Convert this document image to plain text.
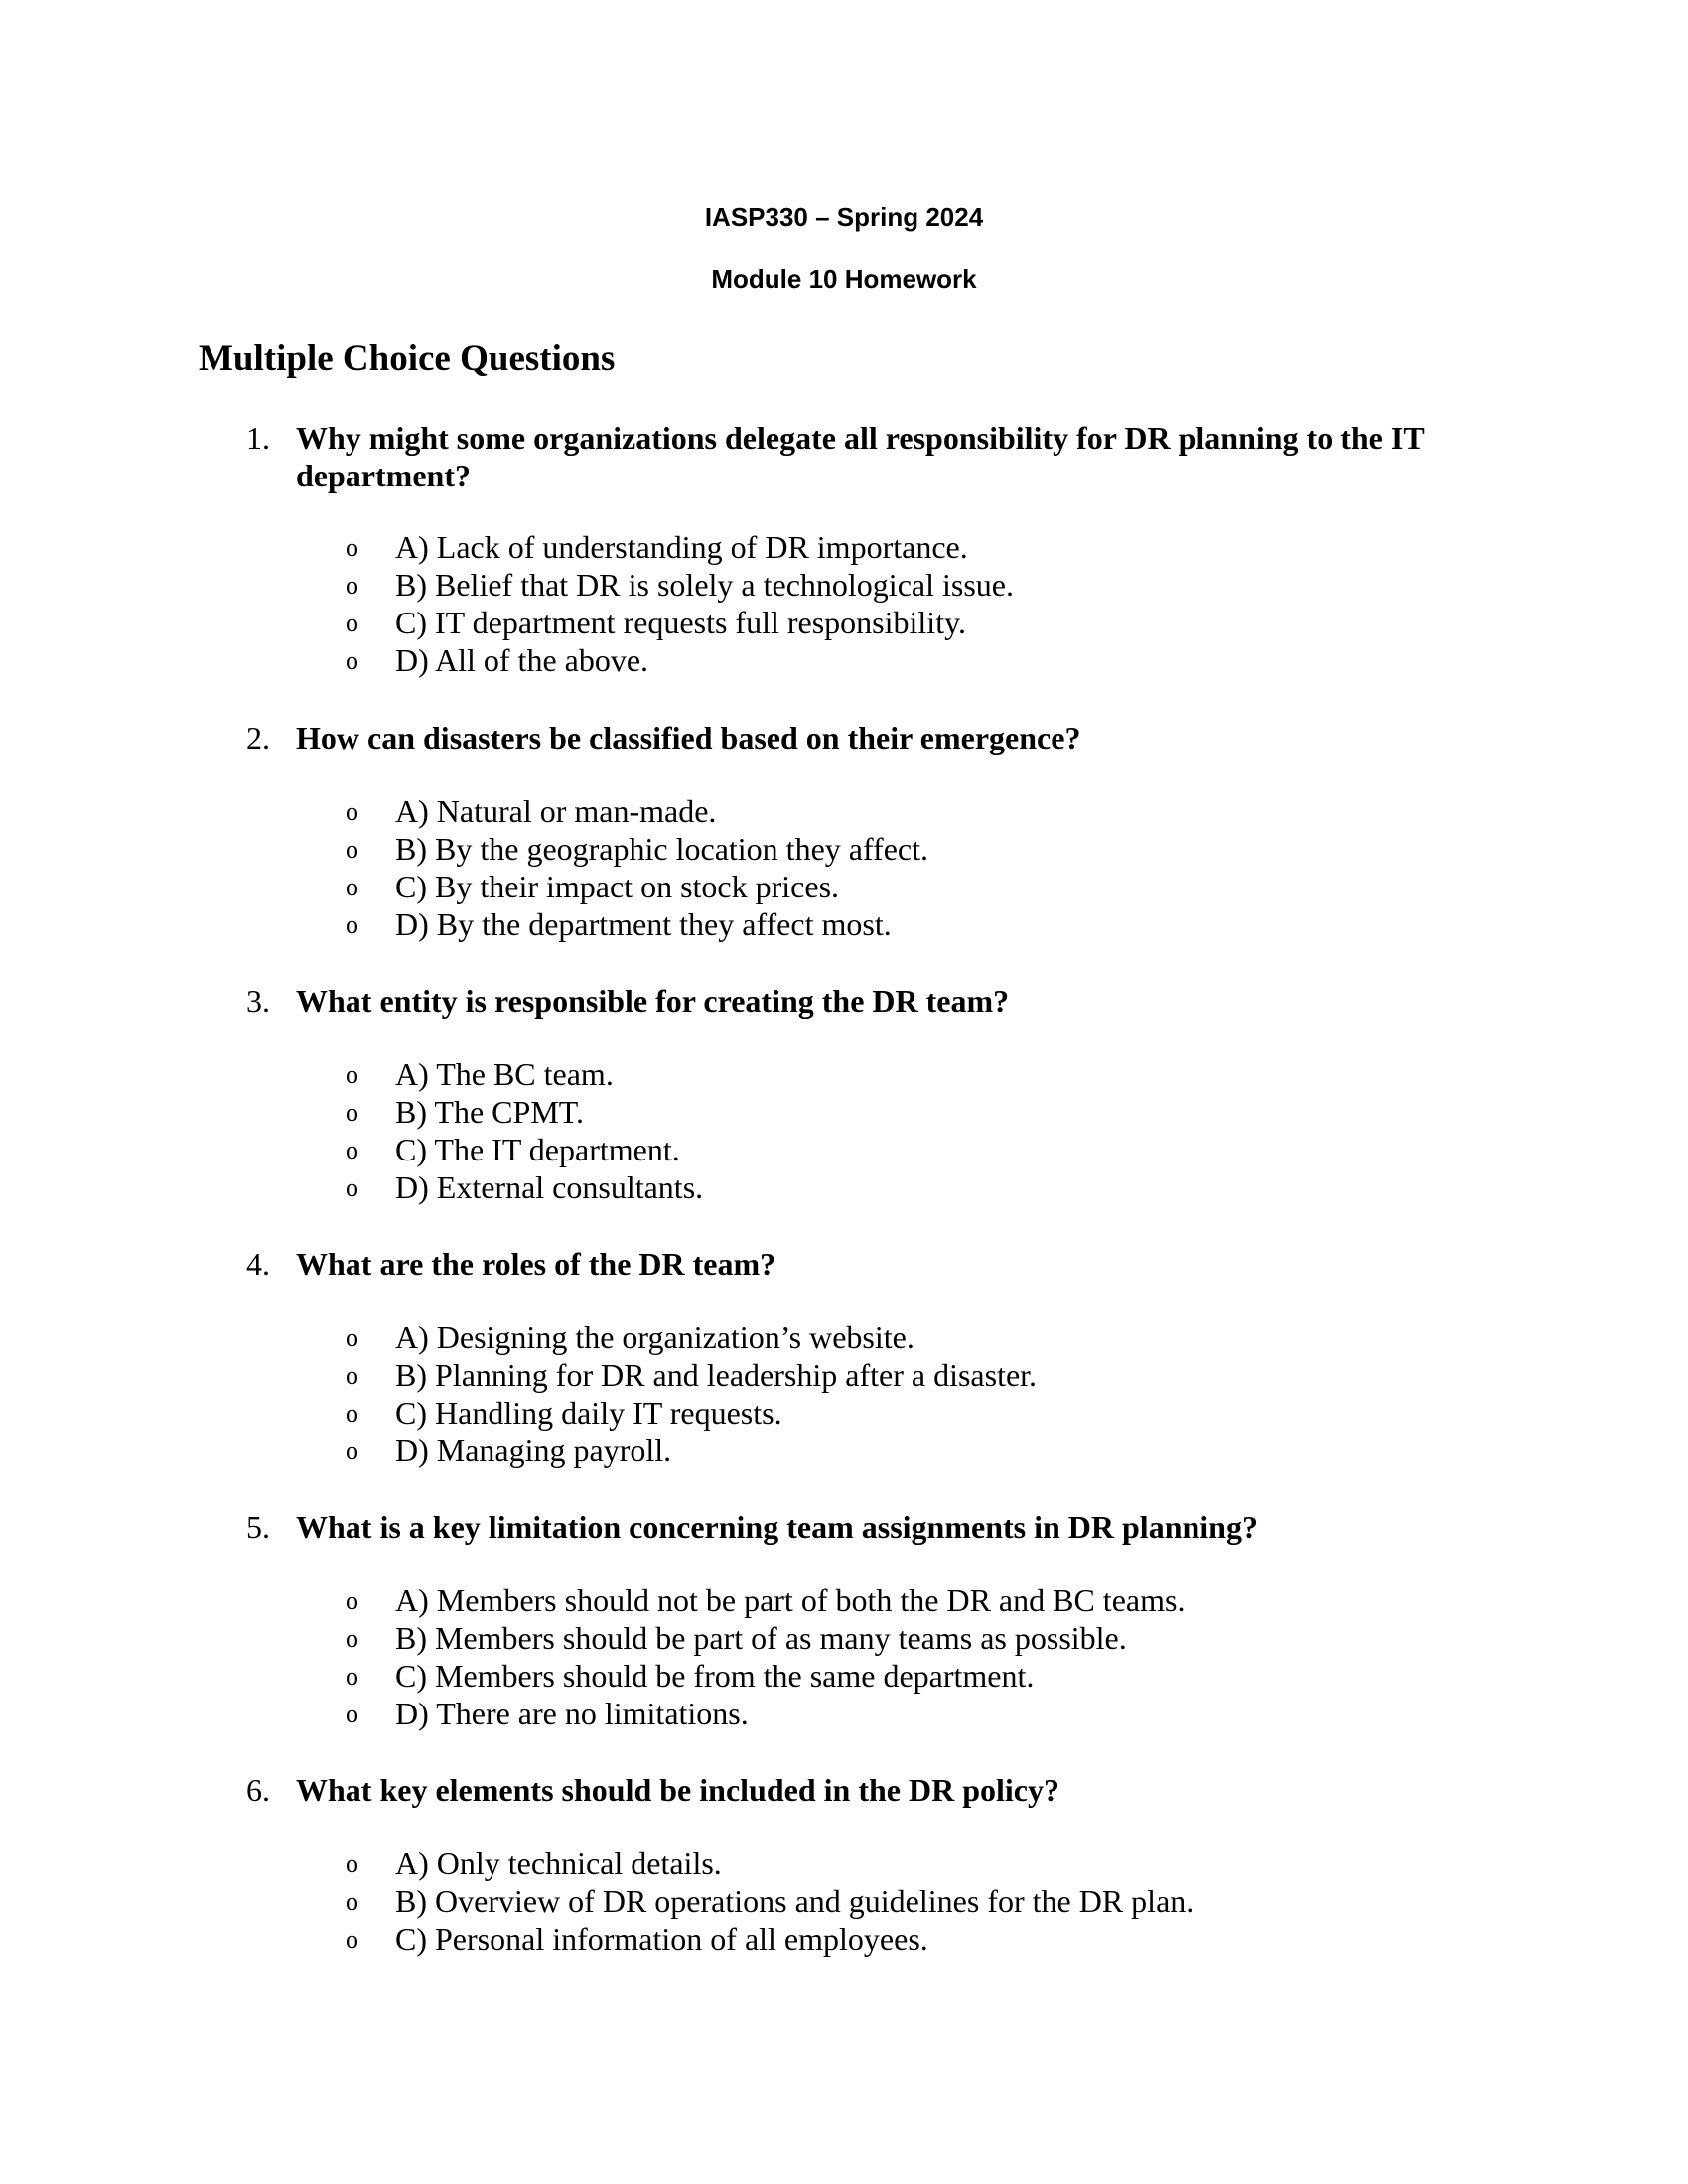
IASP330 – Spring 2024
Module 10 Homework
Multiple Choice Questions
1. Why might some organizations delegate all responsibility for DR planning to the IT department?
o A) Lack of understanding of DR importance.
o B) Belief that DR is solely a technological issue.
o C) IT department requests full responsibility.
o D) All of the above.
2. How can disasters be classified based on their emergence?
o A) Natural or man-made.
o B) By the geographic location they affect.
o C) By their impact on stock prices.
o D) By the department they affect most.
3. What entity is responsible for creating the DR team?
o A) The BC team.
o B) The CPMT.
o C) The IT department.
o D) External consultants.
4. What are the roles of the DR team?
o A) Designing the organization’s website.
o B) Planning for DR and leadership after a disaster.
o C) Handling daily IT requests.
o D) Managing payroll.
5. What is a key limitation concerning team assignments in DR planning?
o A) Members should not be part of both the DR and BC teams.
o B) Members should be part of as many teams as possible.
o C) Members should be from the same department.
o D) There are no limitations.
6. What key elements should be included in the DR policy?
o A) Only technical details.
o B) Overview of DR operations and guidelines for the DR plan.
o C) Personal information of all employees.
